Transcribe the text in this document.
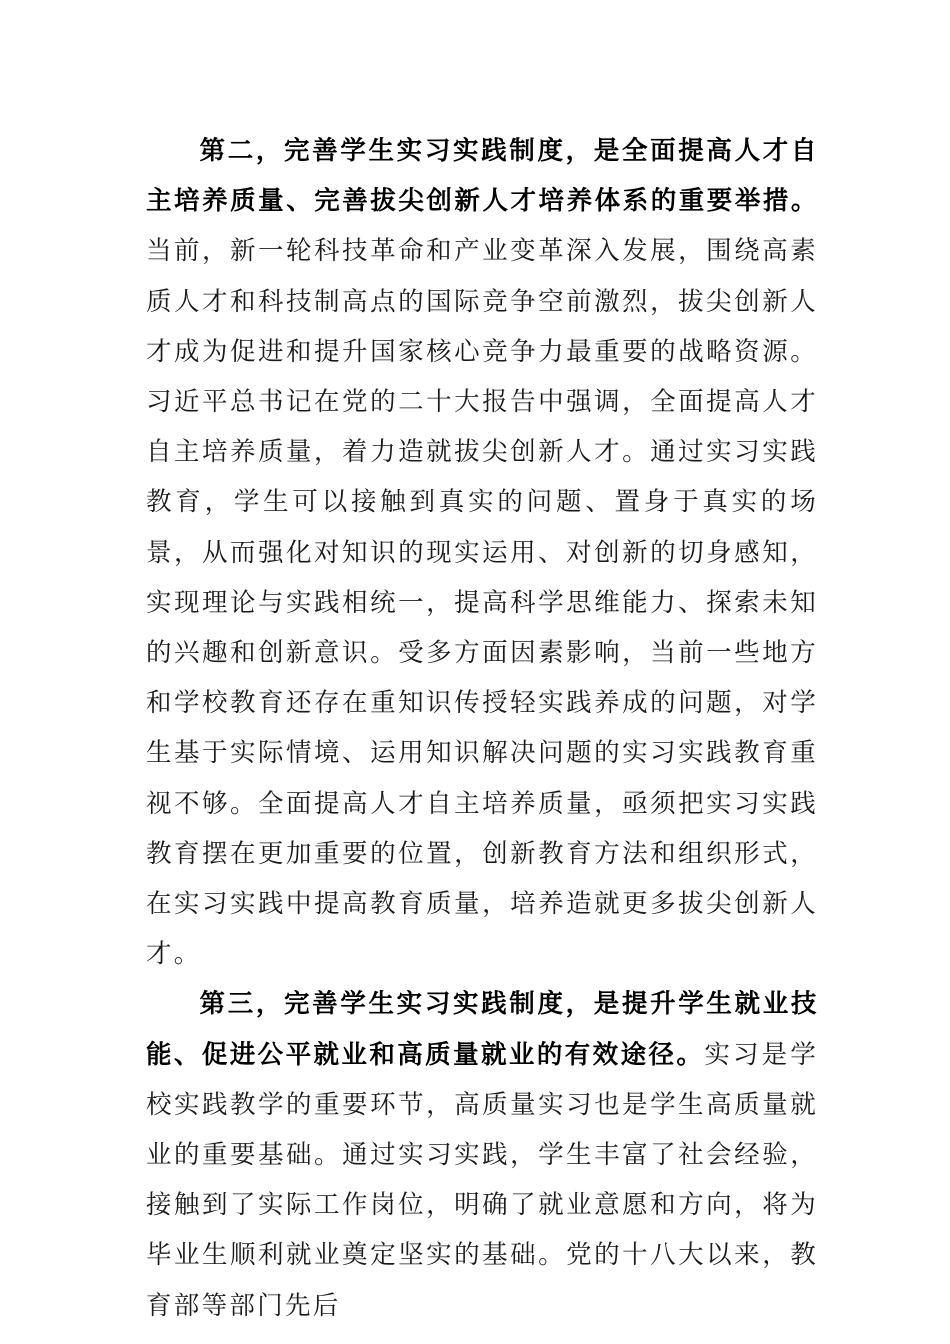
第二，完善学生实习实践制度，是全面提高人才自主培养质量、完善拔尖创新人才培养体系的重要举措。当前，新一轮科技革命和产业变革深入发展，围绕高素质人才和科技制高点的国际竞争空前激烈，拔尖创新人才成为促进和提升国家核心竞争力最重要的战略资源。习近平总书记在党的二十大报告中强调，全面提高人才自主培养质量，着力造就拔尖创新人才。通过实习实践教育，学生可以接触到真实的问题、置身于真实的场景，从而强化对知识的现实运用、对创新的切身感知，实现理论与实践相统一，提高科学思维能力、探索未知的兴趣和创新意识。受多方面因素影响，当前一些地方和学校教育还存在重知识传授轻实践养成的问题，对学生基于实际情境、运用知识解决问题的实习实践教育重视不够。全面提高人才自主培养质量，亟须把实习实践教育摆在更加重要的位置，创新教育方法和组织形式，在实习实践中提高教育质量，培养造就更多拔尖创新人才。

第三，完善学生实习实践制度，是提升学生就业技能、促进公平就业和高质量就业的有效途径。实习是学校实践教学的重要环节，高质量实习也是学生高质量就业的重要基础。通过实习实践，学生丰富了社会经验，接触到了实际工作岗位，明确了就业意愿和方向，将为毕业生顺利就业奠定坚实的基础。党的十八大以来，教育部等部门先后
